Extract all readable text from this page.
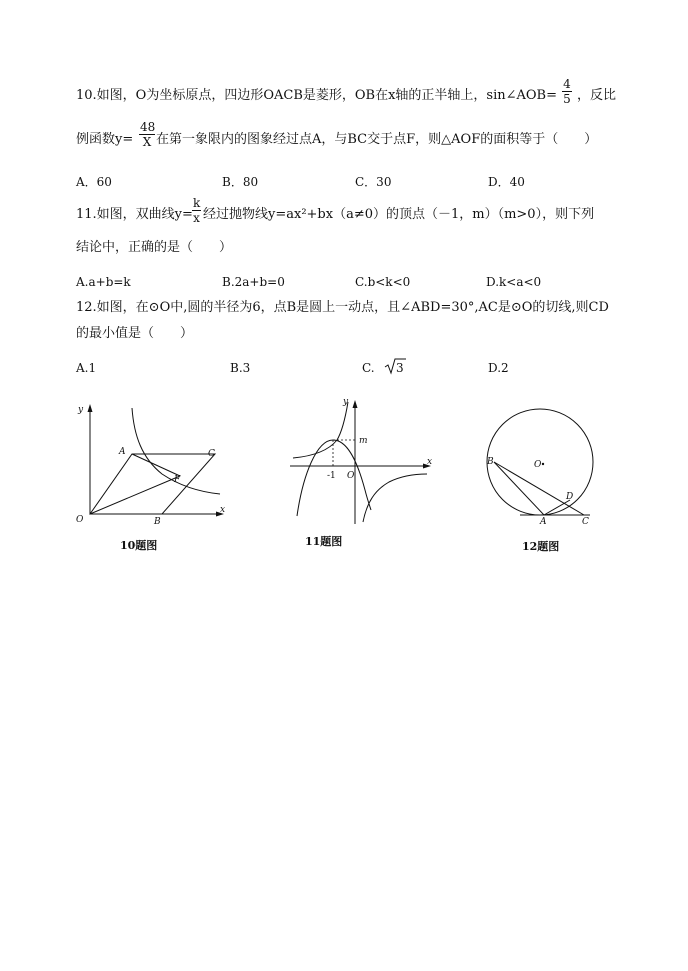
10.如图，O为坐标原点，四边形OACB是菱形，OB在x轴的正半轴上，sin∠AOB=
4
5 ，反比
例函数y=
48
X 在第一象限内的图象经过点A，与BC交于点F，则△AOF的面积等于（　　）
A．60	B．80	C．30	D．40
11.如图，双曲线y=
k
x 经过抛物线y=ax²+bx（a≠0）的顶点（－1，m）（m>0），则下列
结论中，正确的是（　　）
A.a+b=k	B.2a+b=0	C.b<k<0	D.k<a<0
12.如图，在⊙O中,圆的半径为6，点B是圆上一动点，且∠ABD=30°,AC是⊙O的切线,则CD
的最小值是（　　）
A.1	B.3	C. 3	D.2
y
x
O
A	C
F
B
10题图
y
x
m
-1 O
11题图
B	O
D
A	C
12题图
